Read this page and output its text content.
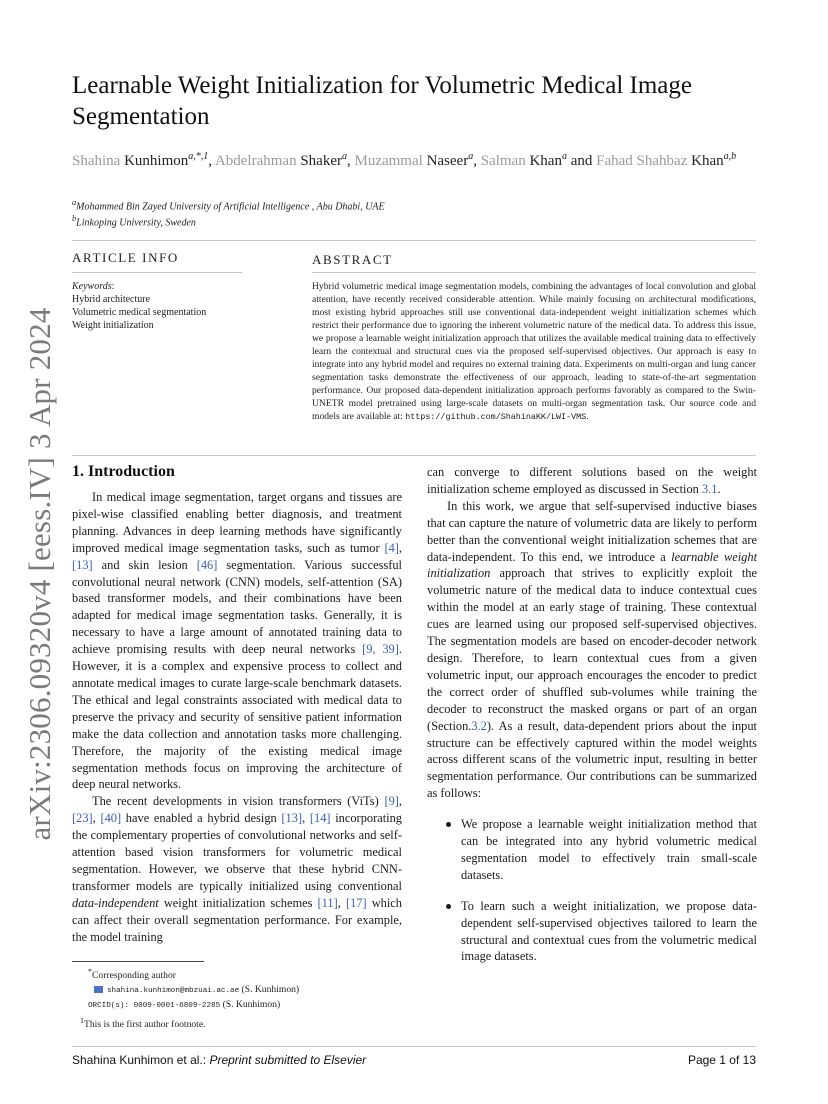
arXiv:2306.09320v4 [eess.IV] 3 Apr 2024
Learnable Weight Initialization for Volumetric Medical Image Segmentation
Shahina Kunhimon$^{a,*,1}$, Abdelrahman Shaker$^a$, Muzammal Naseer$^a$, Salman Khan$^a$ and Fahad Shahbaz Khan$^{a,b}$
$^a$Mohammed Bin Zayed University of Artificial Intelligence , Abu Dhabi, UAE
$^b$Linkoping University, Sweden
ARTICLE INFO
Keywords:
Hybrid architecture
Volumetric medical segmentation
Weight initialization
ABSTRACT
Hybrid volumetric medical image segmentation models, combining the advantages of local convolution and global attention, have recently received considerable attention. While mainly focusing on architectural modifications, most existing hybrid approaches still use conventional data-independent weight initialization schemes which restrict their performance due to ignoring the inherent volumetric nature of the medical data. To address this issue, we propose a learnable weight initialization approach that utilizes the available medical training data to effectively learn the contextual and structural cues via the proposed self-supervised objectives. Our approach is easy to integrate into any hybrid model and requires no external training data. Experiments on multi-organ and lung cancer segmentation tasks demonstrate the effectiveness of our approach, leading to state-of-the-art segmentation performance. Our proposed data-dependent initialization approach performs favorably as compared to the Swin-UNETR model pretrained using large-scale datasets on multi-organ segmentation task. Our source code and models are available at: https://github.com/ShahinaKK/LWI-VMS.
1. Introduction

In medical image segmentation, target organs and tissues are pixel-wise classified enabling better diagnosis, and treatment planning. Advances in deep learning methods have significantly improved medical image segmentation tasks, such as tumor [4], [13] and skin lesion [46] segmentation. Various successful convolutional neural network (CNN) models, self-attention (SA) based transformer models, and their combinations have been adapted for medical image segmentation tasks. Generally, it is necessary to have a large amount of annotated training data to achieve promising results with deep neural networks [9, 39]. However, it is a complex and expensive process to collect and annotate medical images to curate large-scale benchmark datasets. The ethical and legal constraints associated with medical data to preserve the privacy and security of sensitive patient information make the data collection and annotation tasks more challenging. Therefore, the majority of the existing medical image segmentation methods focus on improving the architecture of deep neural networks.

The recent developments in vision transformers (ViTs) [9], [23], [40] have enabled a hybrid design [13], [14] incorporating the complementary properties of convolutional networks and self-attention based vision transformers for volumetric medical segmentation. However, we observe that these hybrid CNN-transformer models are typically initialized using conventional data-independent weight initialization schemes [11], [17] which can affect their overall segmentation performance. For example, the model training

can converge to different solutions based on the weight initialization scheme employed as discussed in Section 3.1.

In this work, we argue that self-supervised inductive biases that can capture the nature of volumetric data are likely to perform better than the conventional weight initialization schemes that are data-independent. To this end, we introduce a learnable weight initialization approach that strives to explicitly exploit the volumetric nature of the medical data to induce contextual cues within the model at an early stage of training. These contextual cues are learned using our proposed self-supervised objectives. The segmentation models are based on encoder-decoder network design. Therefore, to learn contextual cues from a given volumetric input, our approach encourages the encoder to predict the correct order of shuffled sub-volumes while training the decoder to reconstruct the masked organs or part of an organ (Section.3.2). As a result, data-dependent priors about the input structure can be effectively captured within the model weights across different scans of the volumetric input, resulting in better segmentation performance. Our contributions can be summarized as follows:

We propose a learnable weight initialization method that can be integrated into any hybrid volumetric medical segmentation model to effectively train small-scale datasets.
To learn such a weight initialization, we propose data-dependent self-supervised objectives tailored to learn the structural and contextual cues from the volumetric medical image datasets.
*Corresponding author
shahina.kunhimon@mbzuai.ac.ae (S. Kunhimon)
ORCID(s): 0009-0001-6809-2285 (S. Kunhimon)
$^1$This is the first author footnote.
Shahina Kunhimon et al.: Preprint submitted to Elsevier	Page 1 of 13
